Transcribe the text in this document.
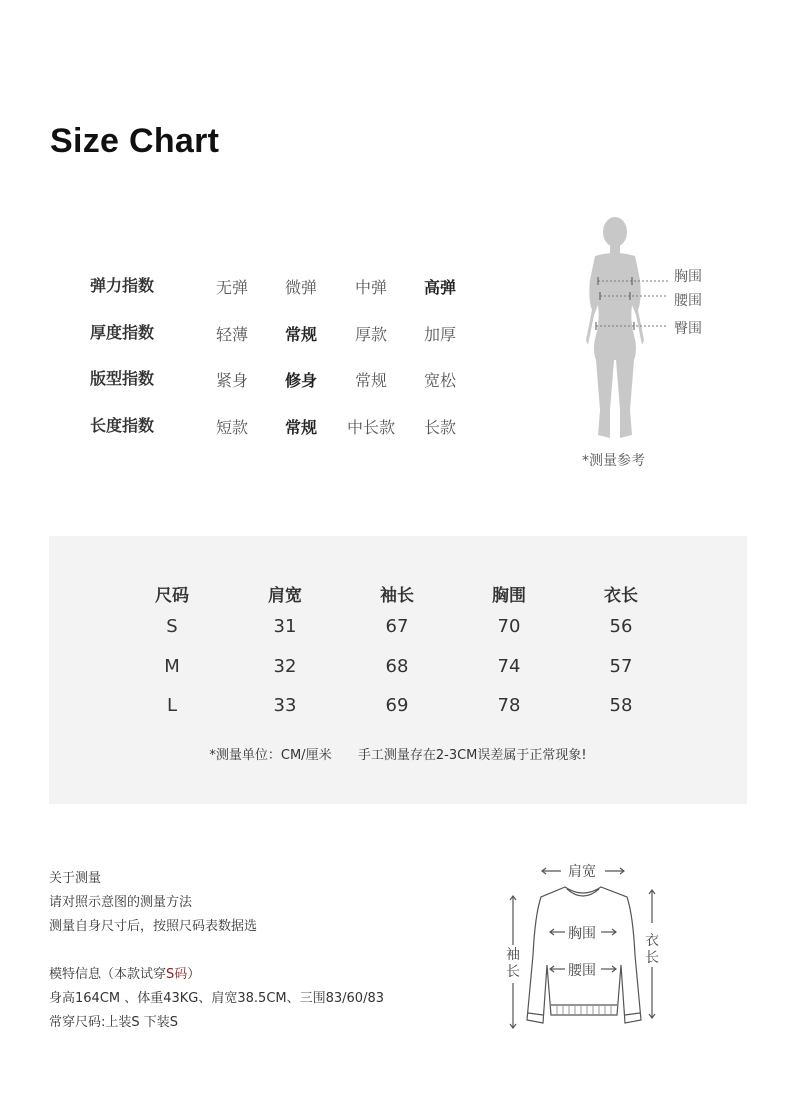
Size Chart
弹力指数	无弹	微弹	中弹	高弹
厚度指数	轻薄	常规	厚款	加厚
版型指数	紧身	修身	常规	宽松
长度指数	短款	常规	中长款	长款
胸围
腰围
臀围
*测量参考
尺码	肩宽	袖长	胸围	衣长
S	31	67	70	56
M	32	68	74	57
L	33	69	78	58
*测量单位：CM/厘米 手工测量存在2-3CM误差属于正常现象!
关于测量
请对照示意图的测量方法
测量自身尺寸后，按照尺码表数据选
模特信息（本款试穿S码）
身高164CM 、体重43KG、肩宽38.5CM、三围83/60/83
常穿尺码:上装S 下装S
肩宽
胸围
腰围
袖长
衣长
